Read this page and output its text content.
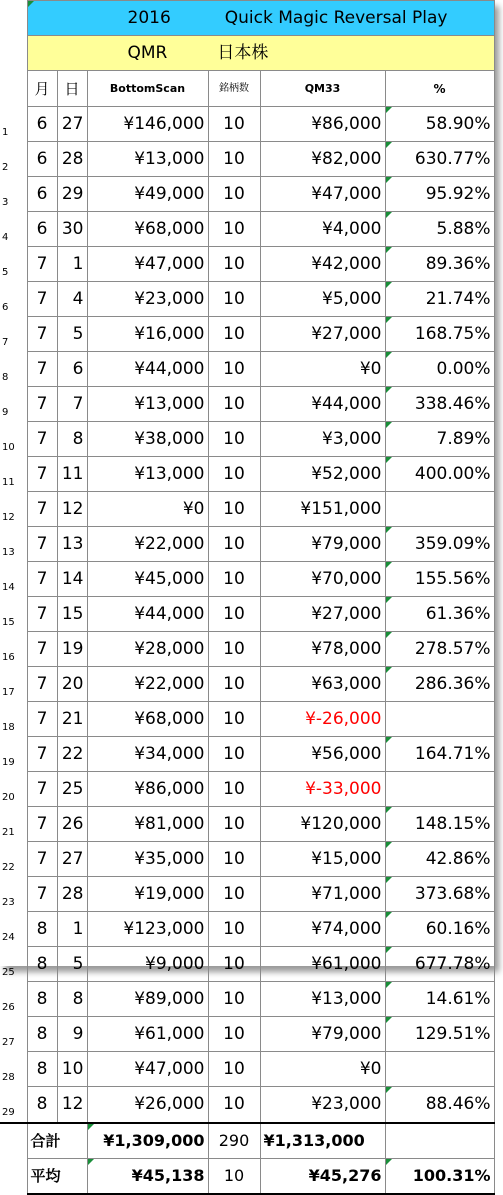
	2016 Quick Magic Reversal Play					
	QMR 日本株					
	月	日	BottomScan	銘柄数	QM33	%
1	6	27	¥146,000	10	¥86,000	58.90%
2	6	28	¥13,000	10	¥82,000	630.77%
3	6	29	¥49,000	10	¥47,000	95.92%
4	6	30	¥68,000	10	¥4,000	5.88%
5	7	1	¥47,000	10	¥42,000	89.36%
6	7	4	¥23,000	10	¥5,000	21.74%
7	7	5	¥16,000	10	¥27,000	168.75%
8	7	6	¥44,000	10	¥0	0.00%
9	7	7	¥13,000	10	¥44,000	338.46%
10	7	8	¥38,000	10	¥3,000	7.89%
11	7	11	¥13,000	10	¥52,000	400.00%
12	7	12	¥0	10	¥151,000	
13	7	13	¥22,000	10	¥79,000	359.09%
14	7	14	¥45,000	10	¥70,000	155.56%
15	7	15	¥44,000	10	¥27,000	61.36%
16	7	19	¥28,000	10	¥78,000	278.57%
17	7	20	¥22,000	10	¥63,000	286.36%
18	7	21	¥68,000	10	¥-26,000	
19	7	22	¥34,000	10	¥56,000	164.71%
20	7	25	¥86,000	10	¥-33,000	
21	7	26	¥81,000	10	¥120,000	148.15%
22	7	27	¥35,000	10	¥15,000	42.86%
23	7	28	¥19,000	10	¥71,000	373.68%
24	8	1	¥123,000	10	¥74,000	60.16%
25	8	5	¥9,000	10	¥61,000	677.78%
26	8	8	¥89,000	10	¥13,000	14.61%
27	8	9	¥61,000	10	¥79,000	129.51%
28	8	10	¥47,000	10	¥0	
29	8	12	¥26,000	10	¥23,000	88.46%
	合計		¥1,309,000	290	¥1,313,000	
	平均		¥45,138	10	¥45,276	100.31%
